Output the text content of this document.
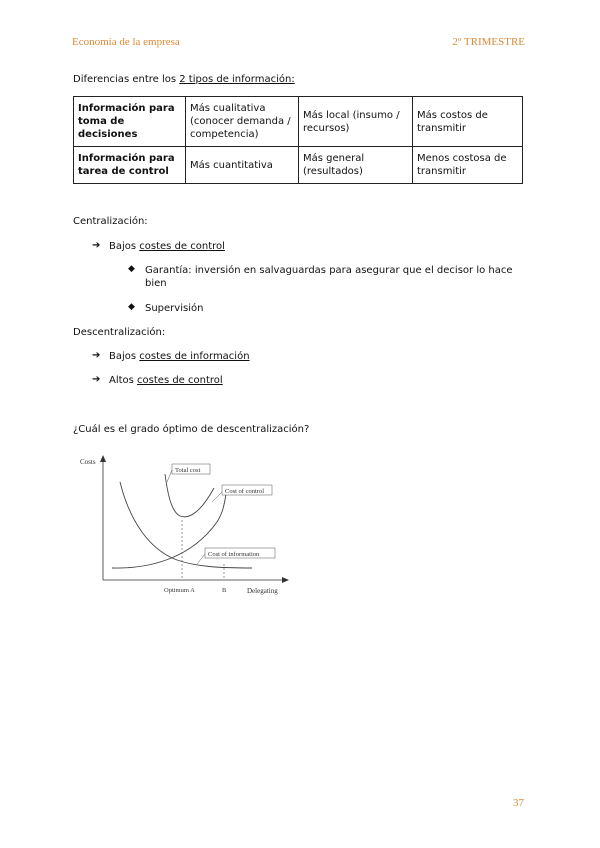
Economía de la empresa	2º TRIMESTRE
Diferencias entre los 2 tipos de información:
Información para toma de decisiones	Más cualitativa (conocer demanda / competencia)	Más local (insumo / recursos)	Más costos de transmitir
Información para tarea de control	Más cuantitativa	Más general (resultados)	Menos costosa de transmitir
Centralización:
➔ Bajos costes de control
◆ Garantía: inversión en salvaguardas para asegurar que el decisor lo hace bien
◆ Supervisión
Descentralización:
➔ Bajos costes de información
➔ Altos costes de control
¿Cuál es el grado óptimo de descentralización?
Costs
Delegating
Optimum A	B
Total cost
Cost of control
Cost of information
37
